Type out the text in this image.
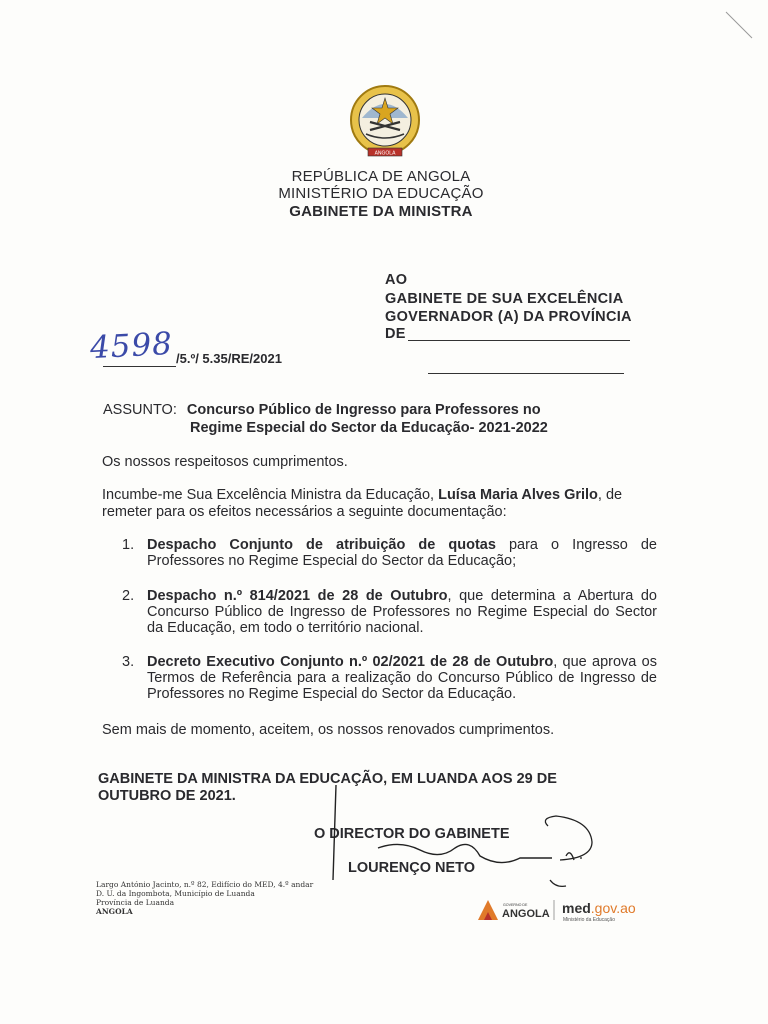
ANGOLA
REPÚBLICA DE ANGOLA
MINISTÉRIO DA EDUCAÇÃO
GABINETE DA MINISTRA
AO
GABINETE DE SUA EXCELÊNCIA
GOVERNADOR (A) DA PROVÍNCIA
DE
4598 /5.º/ 5.35/RE/2021
ASSUNTO: Concurso Público de Ingresso para Professores no
Regime Especial do Sector da Educação- 2021-2022
Os nossos respeitosos cumprimentos.
Incumbe-me Sua Excelência Ministra da Educação, Luísa Maria Alves Grilo, de remeter para os efeitos necessários a seguinte documentação:
1. Despacho Conjunto de atribuição de quotas para o Ingresso de Professores no Regime Especial do Sector da Educação;
2. Despacho n.º 814/2021 de 28 de Outubro, que determina a Abertura do Concurso Público de Ingresso de Professores no Regime Especial do Sector da Educação, em todo o território nacional.
3. Decreto Executivo Conjunto n.º 02/2021 de 28 de Outubro, que aprova os Termos de Referência para a realização do Concurso Público de Ingresso de Professores no Regime Especial do Sector da Educação.
Sem mais de momento, aceitem, os nossos renovados cumprimentos.
GABINETE DA MINISTRA DA EDUCAÇÃO, EM LUANDA AOS 29 DE
OUTUBRO DE 2021.
O DIRECTOR DO GABINETE
LOURENÇO NETO
Largo António Jacinto, n.º 82, Edifício do MED, 4.º andar
D. U. da Ingombota, Município de Luanda
Província de Luanda
ANGOLA
GOVERNO DE
ANGOLA med.gov.ao
Ministério da Educação
